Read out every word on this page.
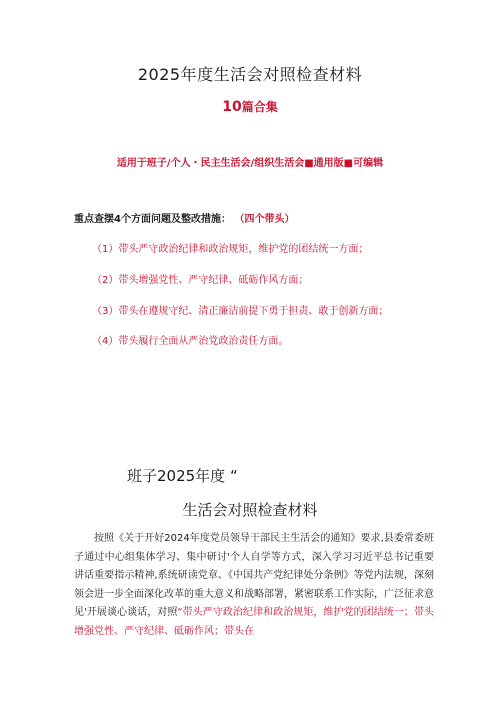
2025年度生活会对照检查材料
10篇合集
适用于班子/个人・民主生活会/组织生活会■通用版■可编辑
重点查摆4个方面问题及整改措施： （四个带头）
（1）带头严守政治纪律和政治规矩，维护党的团结统一方面；
（2）带头增强党性、严守纪律、砥砺作风方面；
（3）带头在遵规守纪、清正廉洁前提下勇于担责、敢于创新方面；
（4）带头履行全面从严治党政治责任方面。
班子2025年度 “
生活会对照检查材料
按照《关于开好2024年度党员领导干部民主生活会的通知》要求,县委常委班子通过中心组集体学习、集中研讨'个人自学等方式，深入学习习近平总书记重要讲话重要指示精神,系统研读党章、《中国共产党纪律处分条例》等党内法规，深刻领会进一步全面深化改革的重大意义和战略部署，紧密联系工作实际，广泛征求意见'开展谈心谈话，对照“带头严守政治纪律和政治规矩，维护党的团结统一；带头增强党性、严守纪律、砥砺作风；带头在
